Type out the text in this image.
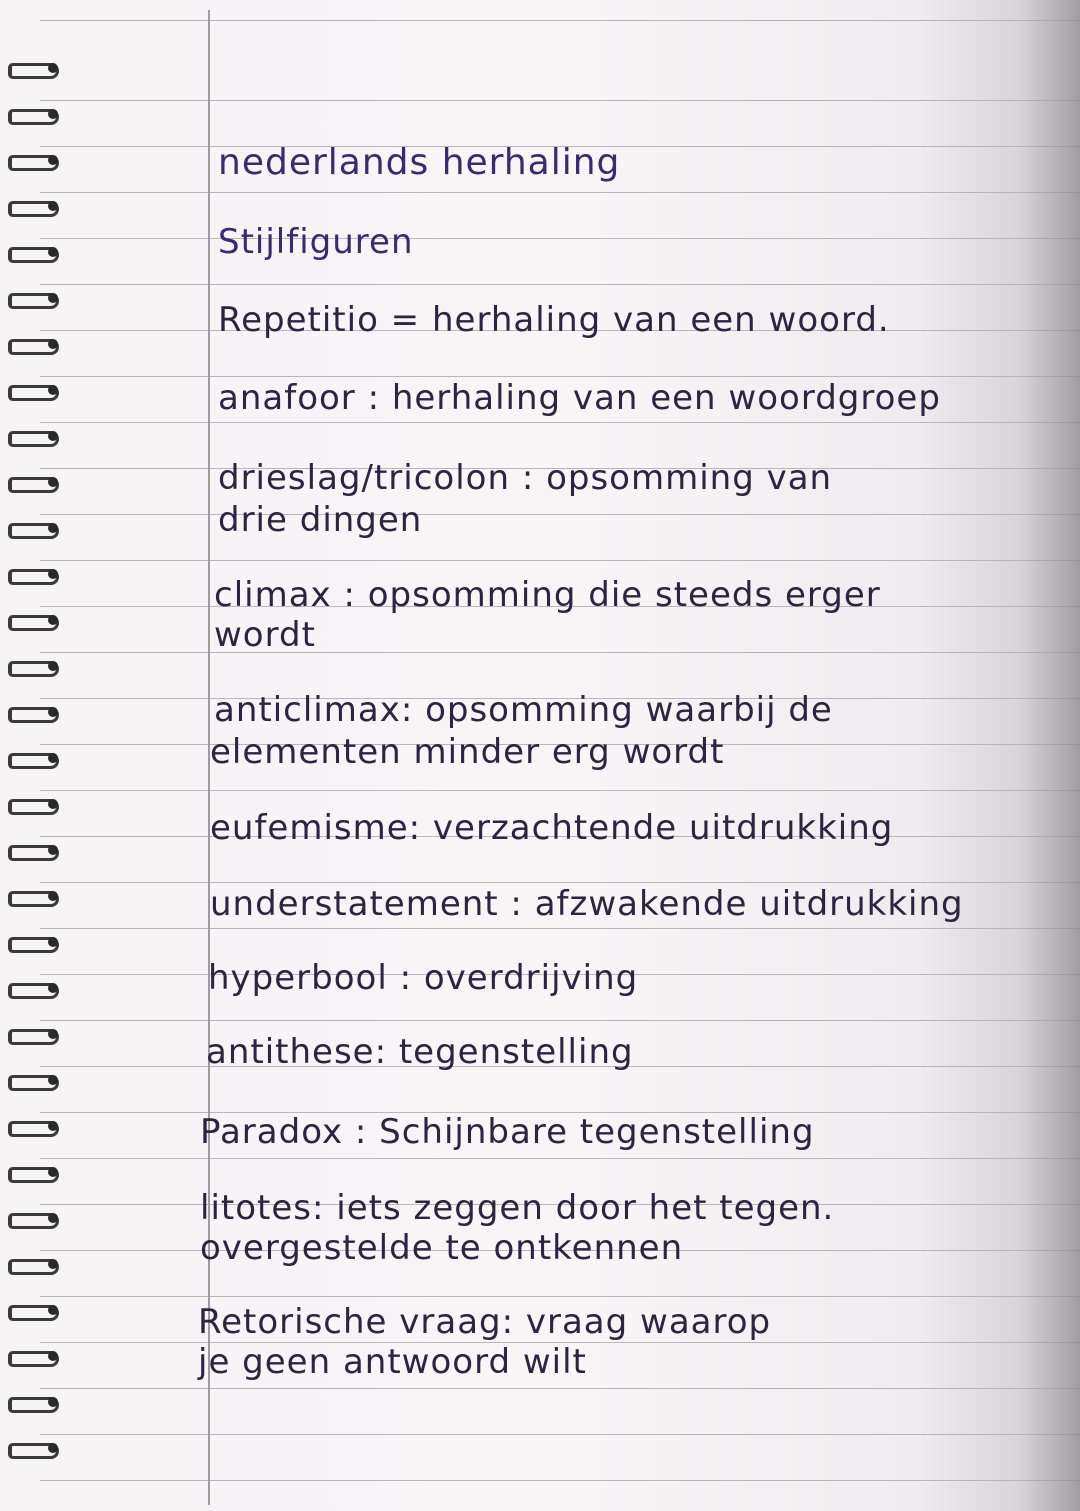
nederlands herhaling
Stijlfiguren
Repetitio = herhaling van een woord.
anafoor : herhaling van een woordgroep
drieslag/tricolon : opsomming van
drie dingen
climax : opsomming die steeds erger
wordt
anticlimax: opsomming waarbij de
elementen minder erg wordt
eufemisme: verzachtende uitdrukking
understatement : afzwakende uitdrukking
hyperbool : overdrijving
antithese: tegenstelling
Paradox : Schijnbare tegenstelling
litotes: iets zeggen door het tegen.
overgestelde te ontkennen
Retorische vraag: vraag waarop
je geen antwoord wilt
